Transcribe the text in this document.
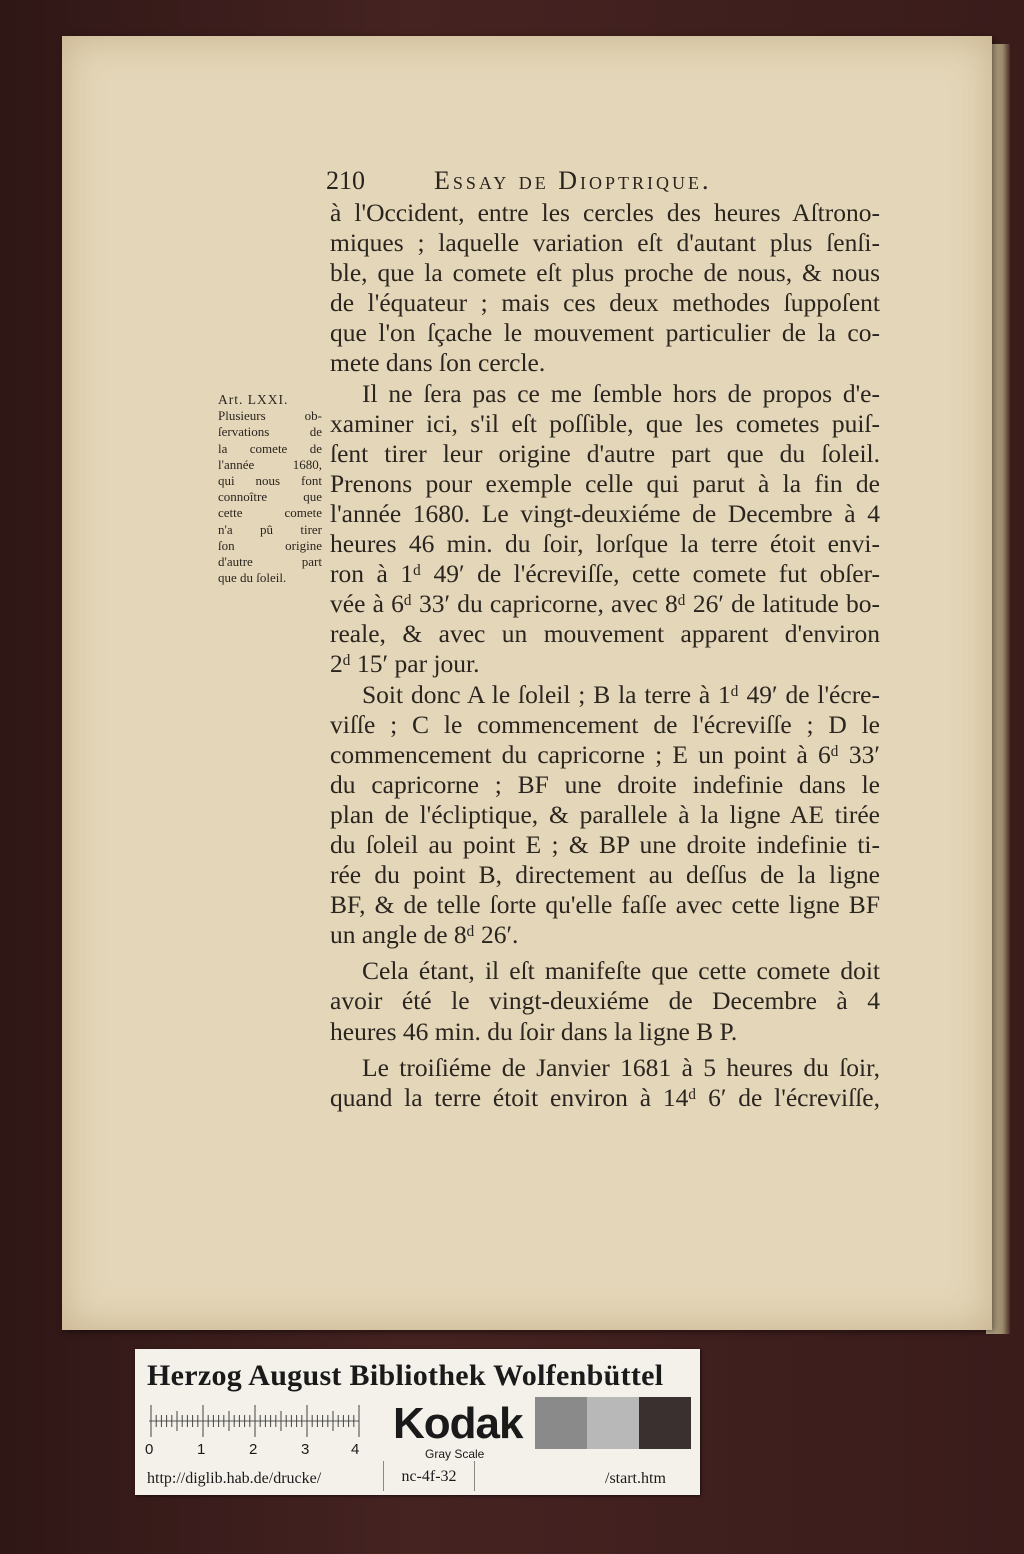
210	Essay de Dioptrique.
Art. LXXI.
Plusieurs ob-
ſervations de
la comete de
l'année 1680,
qui nous font
connoître que
cette comete
n'a pû tirer
ſon origine
d'autre part
que du ſoleil.
à l'Occident, entre les cercles des heures Aſtrono-
miques ; laquelle variation eſt d'autant plus ſenſi-
ble, que la comete eſt plus proche de nous, & nous
de l'équateur ; mais ces deux methodes ſuppoſent
que l'on ſçache le mouvement particulier de la co-
mete dans ſon cercle.
Il ne ſera pas ce me ſemble hors de propos d'e-
xaminer ici, s'il eſt poſſible, que les cometes puiſ-
ſent tirer leur origine d'autre part que du ſoleil.
Prenons pour exemple celle qui parut à la fin de
l'année 1680. Le vingt-deuxiéme de Decembre à 4
heures 46 min. du ſoir, lorſque la terre étoit envi-
ron à 1ᵈ 49′ de l'écreviſſe, cette comete fut obſer-
vée à 6ᵈ 33′ du capricorne, avec 8ᵈ 26′ de latitude bo-
reale, & avec un mouvement apparent d'environ
2ᵈ 15′ par jour.
Soit donc A le ſoleil ; B la terre à 1ᵈ 49′ de l'écre-
viſſe ; C le commencement de l'écreviſſe ; D le
commencement du capricorne ; E un point à 6ᵈ 33′
du capricorne ; BF une droite indefinie dans le
plan de l'écliptique, & parallele à la ligne AE tirée
du ſoleil au point E ; & BP une droite indefinie ti-
rée du point B, directement au deſſus de la ligne
BF, & de telle ſorte qu'elle faſſe avec cette ligne BF
un angle de 8ᵈ 26′.
Cela étant, il eſt manifeſte que cette comete doit
avoir été le vingt-deuxiéme de Decembre à 4
heures 46 min. du ſoir dans la ligne B P.
Le troiſiéme de Janvier 1681 à 5 heures du ſoir,
quand la terre étoit environ à 14ᵈ 6′ de l'écreviſſe,
Herzog August Bibliothek Wolfenbüttel
0	1	2	3	4
Kodak
Gray Scale
http://diglib.hab.de/drucke/	nc-4f-32	/start.htm
